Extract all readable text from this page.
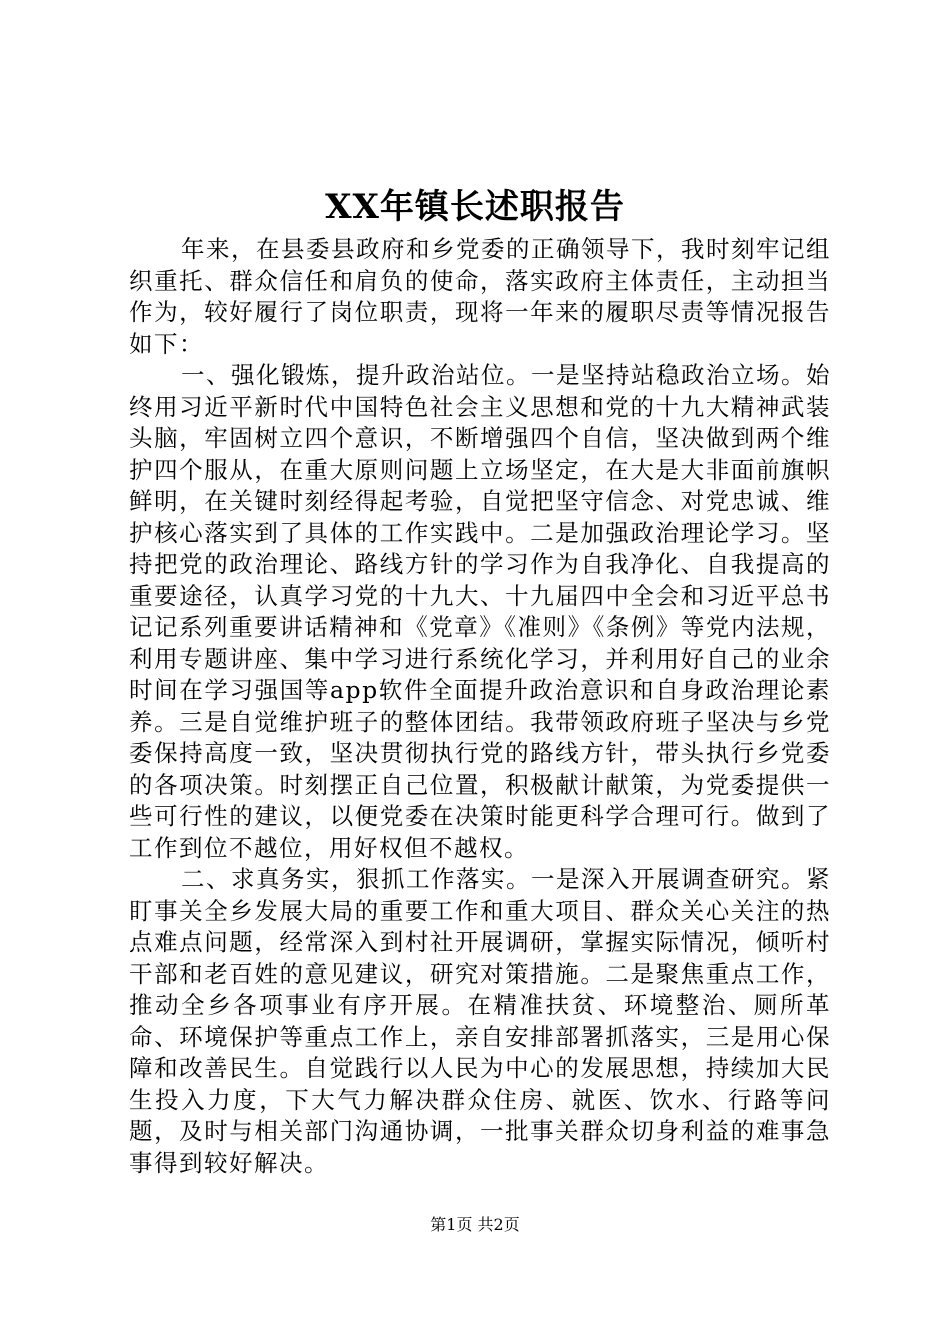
XX年镇长述职报告

年来，在县委县政府和乡党委的正确领导下，我时刻牢记组织重托、群众信任和肩负的使命，落实政府主体责任，主动担当作为，较好履行了岗位职责，现将一年来的履职尽责等情况报告如下：

一、强化锻炼，提升政治站位。一是坚持站稳政治立场。始终用习近平新时代中国特色社会主义思想和党的十九大精神武装头脑，牢固树立四个意识，不断增强四个自信，坚决做到两个维护四个服从，在重大原则问题上立场坚定，在大是大非面前旗帜鲜明，在关键时刻经得起考验，自觉把坚守信念、对党忠诚、维护核心落实到了具体的工作实践中。二是加强政治理论学习。坚持把党的政治理论、路线方针的学习作为自我净化、自我提高的重要途径，认真学习党的十九大、十九届四中全会和习近平总书记记系列重要讲话精神和《党章》《准则》《条例》等党内法规，利用专题讲座、集中学习进行系统化学习，并利用好自己的业余时间在学习强国等app软件全面提升政治意识和自身政治理论素养。三是自觉维护班子的整体团结。我带领政府班子坚决与乡党委保持高度一致，坚决贯彻执行党的路线方针，带头执行乡党委的各项决策。时刻摆正自己位置，积极献计献策，为党委提供一些可行性的建议，以便党委在决策时能更科学合理可行。做到了工作到位不越位，用好权但不越权。

二、求真务实，狠抓工作落实。一是深入开展调查研究。紧盯事关全乡发展大局的重要工作和重大项目、群众关心关注的热点难点问题，经常深入到村社开展调研，掌握实际情况，倾听村干部和老百姓的意见建议，研究对策措施。二是聚焦重点工作，推动全乡各项事业有序开展。在精准扶贫、环境整治、厕所革命、环境保护等重点工作上，亲自安排部署抓落实，三是用心保障和改善民生。自觉践行以人民为中心的发展思想，持续加大民生投入力度，下大气力解决群众住房、就医、饮水、行路等问题，及时与相关部门沟通协调，一批事关群众切身利益的难事急事得到较好解决。

第1页 共2页
